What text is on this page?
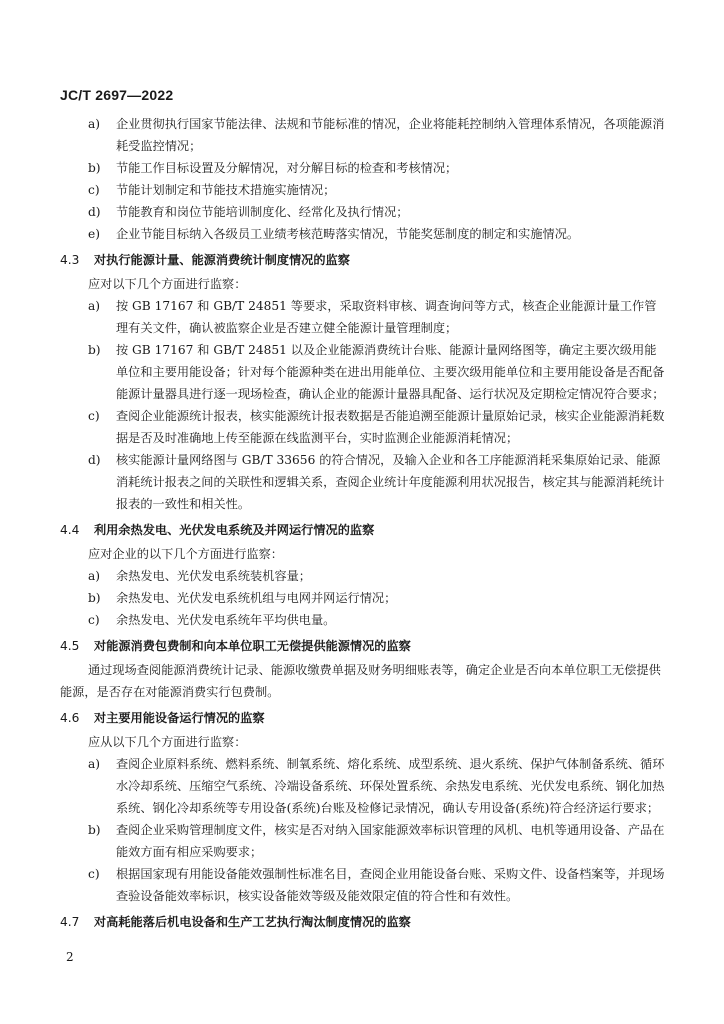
JC/T 2697—2022
a) 企业贯彻执行国家节能法律、法规和节能标准的情况，企业将能耗控制纳入管理体系情况，各项能源消耗受监控情况；
b) 节能工作目标设置及分解情况，对分解目标的检查和考核情况；
c) 节能计划制定和节能技术措施实施情况；
d) 节能教育和岗位节能培训制度化、经常化及执行情况；
e) 企业节能目标纳入各级员工业绩考核范畴落实情况，节能奖惩制度的制定和实施情况。
4.3 对执行能源计量、能源消费统计制度情况的监察
应对以下几个方面进行监察：
a) 按 GB 17167 和 GB/T 24851 等要求，采取资料审核、调查询问等方式，核查企业能源计量工作管理有关文件，确认被监察企业是否建立健全能源计量管理制度；
b) 按 GB 17167 和 GB/T 24851 以及企业能源消费统计台账、能源计量网络图等，确定主要次级用能单位和主要用能设备；针对每个能源种类在进出用能单位、主要次级用能单位和主要用能设备是否配备能源计量器具进行逐一现场检查，确认企业的能源计量器具配备、运行状况及定期检定情况符合要求；
c) 查阅企业能源统计报表，核实能源统计报表数据是否能追溯至能源计量原始记录，核实企业能源消耗数据是否及时准确地上传至能源在线监测平台，实时监测企业能源消耗情况；
d) 核实能源计量网络图与 GB/T 33656 的符合情况，及输入企业和各工序能源消耗采集原始记录、能源消耗统计报表之间的关联性和逻辑关系，查阅企业统计年度能源利用状况报告，核定其与能源消耗统计报表的一致性和相关性。
4.4 利用余热发电、光伏发电系统及并网运行情况的监察
应对企业的以下几个方面进行监察：
a) 余热发电、光伏发电系统装机容量；
b) 余热发电、光伏发电系统机组与电网并网运行情况；
c) 余热发电、光伏发电系统年平均供电量。
4.5 对能源消费包费制和向本单位职工无偿提供能源情况的监察
通过现场查阅能源消费统计记录、能源收缴费单据及财务明细账表等，确定企业是否向本单位职工无偿提供能源，是否存在对能源消费实行包费制。
4.6 对主要用能设备运行情况的监察
应从以下几个方面进行监察：
a) 查阅企业原料系统、燃料系统、制氧系统、熔化系统、成型系统、退火系统、保护气体制备系统、循环水冷却系统、压缩空气系统、冷端设备系统、环保处置系统、余热发电系统、光伏发电系统、钢化加热系统、钢化冷却系统等专用设备(系统)台账及检修记录情况，确认专用设备(系统)符合经济运行要求；
b) 查阅企业采购管理制度文件，核实是否对纳入国家能源效率标识管理的风机、电机等通用设备、产品在能效方面有相应采购要求；
c) 根据国家现有用能设备能效强制性标准名目，查阅企业用能设备台账、采购文件、设备档案等，并现场查验设备能效率标识，核实设备能效等级及能效限定值的符合性和有效性。
4.7 对高耗能落后机电设备和生产工艺执行淘汰制度情况的监察
2
